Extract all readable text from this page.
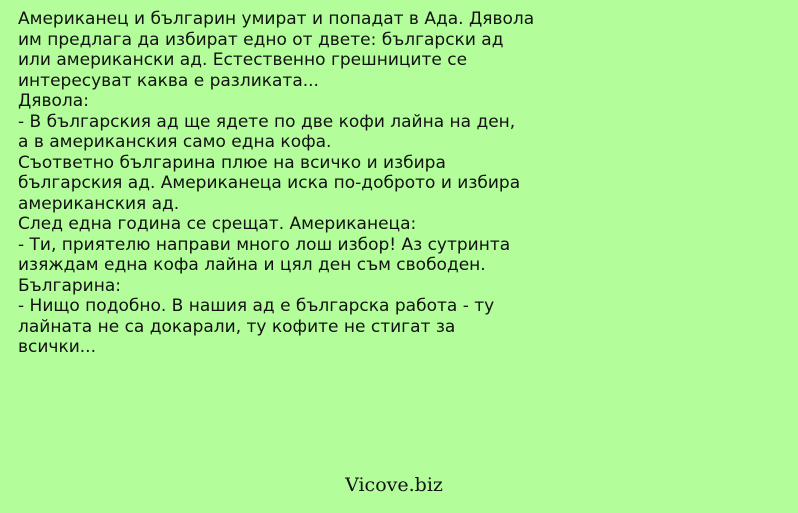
Американец и българин умират и попадат в Ада. Дявола
им предлага да избират едно от двете: български ад
или американски ад. Естественно грешниците се
интересуват каква е разликата...
Дявола:
- В българския ад ще ядете по две кофи лайна на ден,
а в американския само една кофа.
Съответно българина плюе на всичко и избира
българския ад. Американеца иска по-доброто и избира
американския ад.
След една година се срещат. Американеца:
- Ти, приятелю направи много лош избор! Аз сутринта
изяждам една кофа лайна и цял ден съм свободен.
Българина:
- Нищо подобно. В нашия ад е българска работа - ту
лайната не са докарали, ту кофите не стигат за
всички...
Vicove.biz
